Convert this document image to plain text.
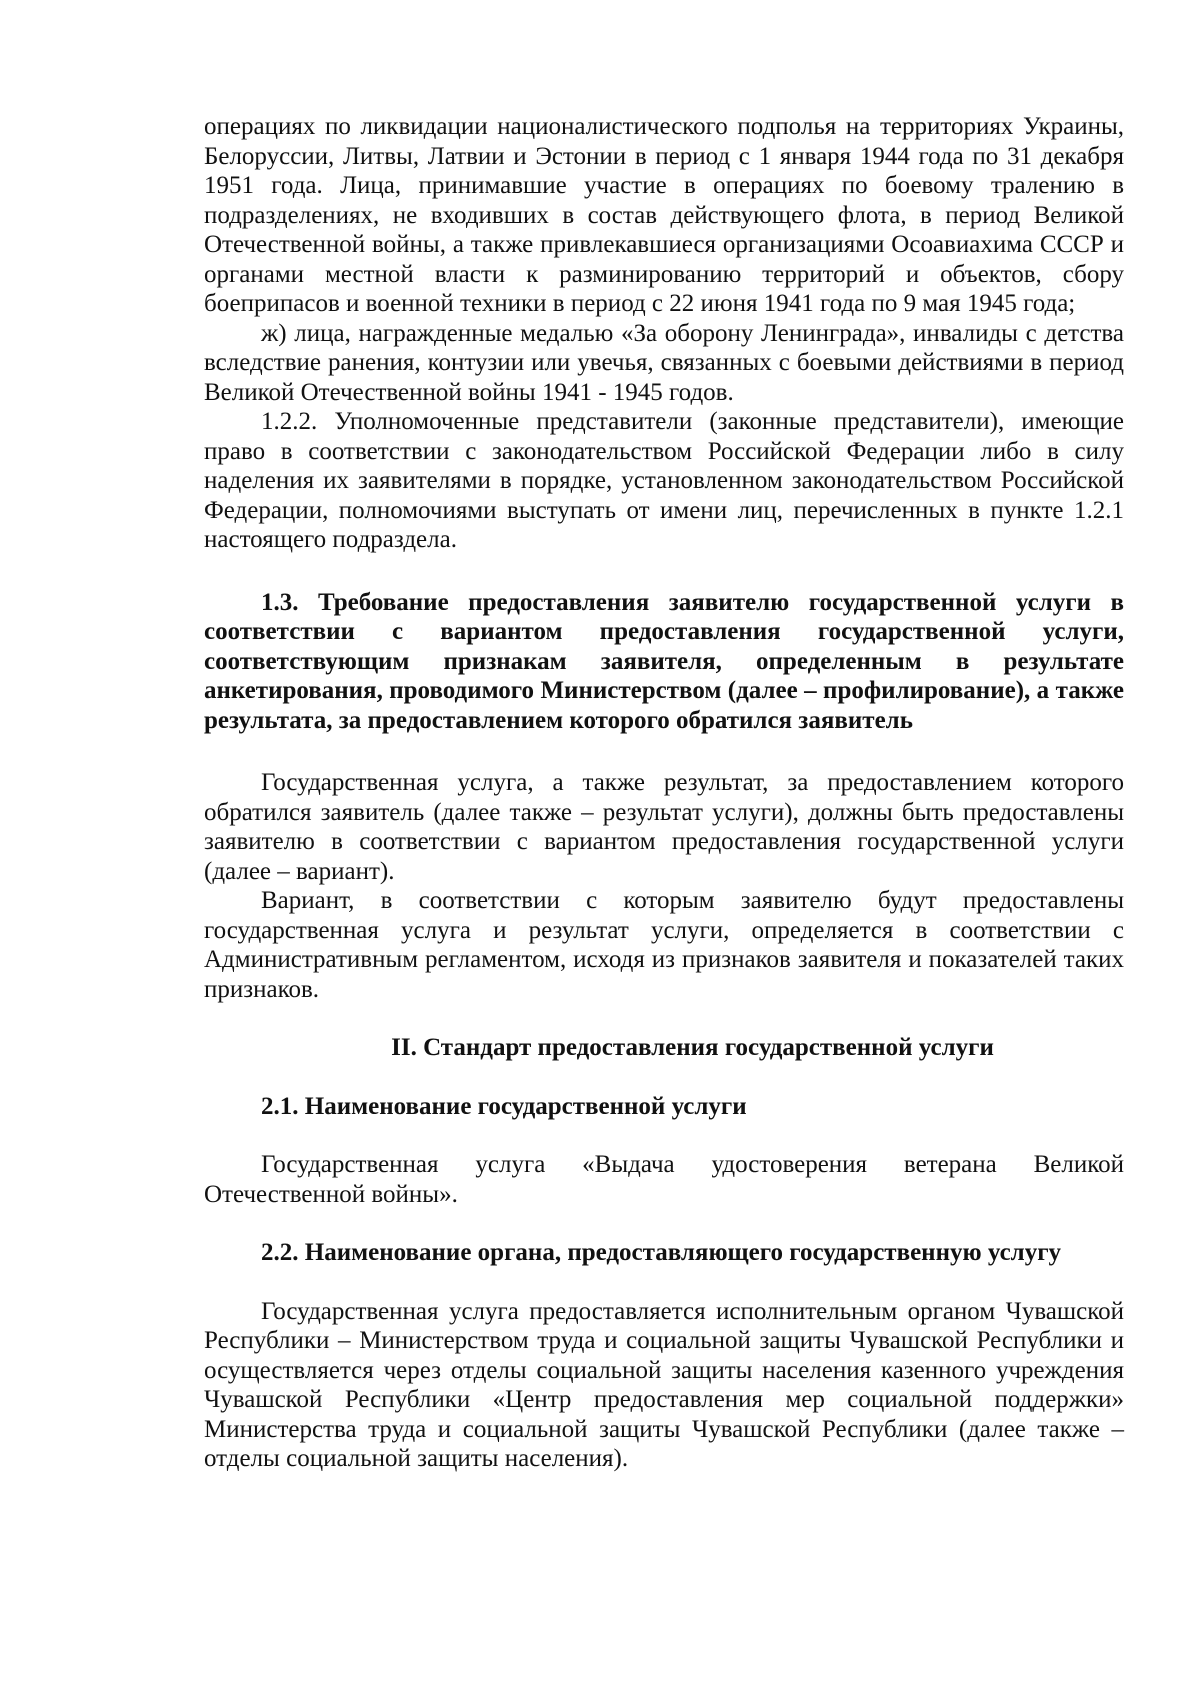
операциях по ликвидации националистического подполья на территориях Украины, Белоруссии, Литвы, Латвии и Эстонии в период с 1 января 1944 года по 31 декабря 1951 года. Лица, принимавшие участие в операциях по боевому тралению в подразделениях, не входивших в состав действующего флота, в период Великой Отечественной войны, а также привлекавшиеся организациями Осоавиахима СССР и органами местной власти к разминированию территорий и объектов, сбору боеприпасов и военной техники в период с 22 июня 1941 года по 9 мая 1945 года;

ж) лица, награжденные медалью «За оборону Ленинграда», инвалиды с детства вследствие ранения, контузии или увечья, связанных с боевыми действиями в период Великой Отечественной войны 1941 - 1945 годов.

1.2.2. Уполномоченные представители (законные представители), имеющие право в соответствии с законодательством Российской Федерации либо в силу наделения их заявителями в порядке, установленном законодательством Российской Федерации, полномочиями выступать от имени лиц, перечисленных в пункте 1.2.1 настоящего подраздела.

1.3. Требование предоставления заявителю государственной услуги в соответствии с вариантом предоставления государственной услуги, соответствующим признакам заявителя, определенным в результате анкетирования, проводимого Министерством (далее – профилирование), а также результата, за предоставлением которого обратился заявитель

Государственная услуга, а также результат, за предоставлением которого обратился заявитель (далее также – результат услуги), должны быть предоставлены заявителю в соответствии с вариантом предоставления государственной услуги (далее – вариант).

Вариант, в соответствии с которым заявителю будут предоставлены государственная услуга и результат услуги, определяется в соответствии с Административным регламентом, исходя из признаков заявителя и показателей таких признаков.

II. Стандарт предоставления государственной услуги

2.1. Наименование государственной услуги

Государственная услуга «Выдача удостоверения ветерана Великой Отечественной войны».

2.2. Наименование органа, предоставляющего государственную услугу

Государственная услуга предоставляется исполнительным органом Чувашской Республики – Министерством труда и социальной защиты Чувашской Республики и осуществляется через отделы социальной защиты населения казенного учреждения Чувашской Республики «Центр предоставления мер социальной поддержки» Министерства труда и социальной защиты Чувашской Республики (далее также – отделы социальной защиты населения).
